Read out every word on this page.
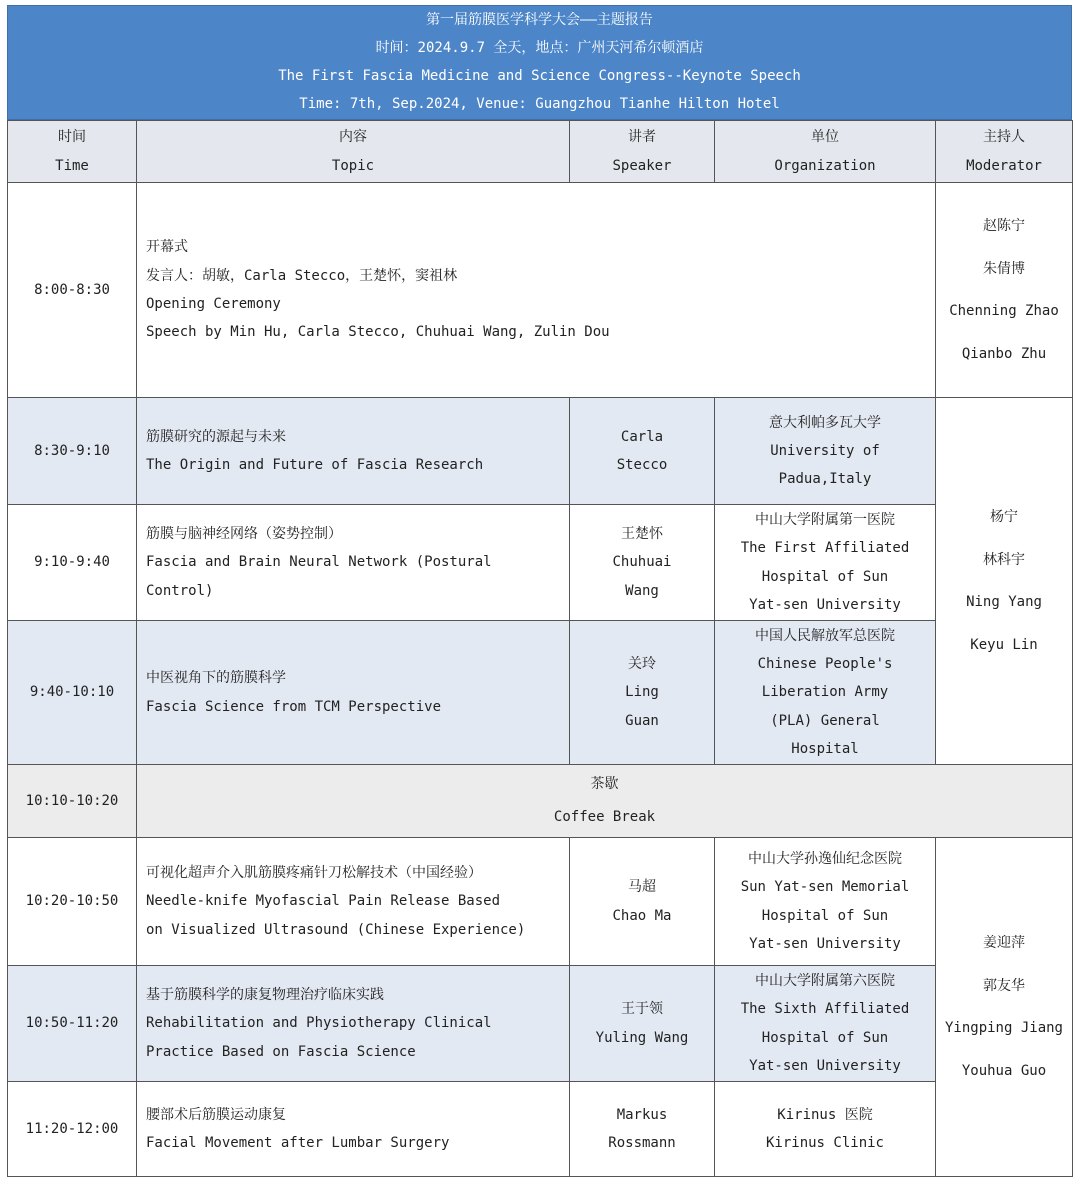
第一届筋膜医学科学大会——主题报告
时间：2024.9.7 全天，地点：广州天河希尔顿酒店
The First Fascia Medicine and Science Congress--Keynote Speech
Time: 7th, Sep.2024, Venue: Guangzhou Tianhe Hilton Hotel
时间
Time	内容
Topic	讲者
Speaker	单位
Organization	主持人
Moderator
8:00-8:30	开幕式
发言人：胡敏，Carla Stecco，王楚怀，窦祖林
Opening Ceremony
Speech by Min Hu, Carla Stecco, Chuhuai Wang, Zulin Dou			赵陈宁
朱倩博
Chenning Zhao
Qianbo Zhu

8:30-9:10	筋膜研究的源起与未来
The Origin and Future of Fascia Research	Carla
Stecco	意大利帕多瓦大学
University of
Padua,Italy	杨宁
林科宇
Ning Yang
Keyu Lin

9:10-9:40	筋膜与脑神经网络（姿势控制）
Fascia and Brain Neural Network (Postural
Control)	王楚怀
Chuhuai
Wang	中山大学附属第一医院
The First Affiliated
Hospital of Sun
Yat-sen University	
9:40-10:10	中医视角下的筋膜科学
Fascia Science from TCM Perspective	关玲
Ling
Guan	中国人民解放军总医院
Chinese People's
Liberation Army
(PLA) General
Hospital	
10:10-10:20	茶歇
Coffee Break			

10:20-10:50	可视化超声介入肌筋膜疼痛针刀松解技术（中国经验）
Needle-knife Myofascial Pain Release Based
on Visualized Ultrasound (Chinese Experience)	马超
Chao Ma	中山大学孙逸仙纪念医院
Sun Yat-sen Memorial
Hospital of Sun
Yat-sen University	姜迎萍
郭友华
Yingping Jiang
Youhua Guo

10:50-11:20	基于筋膜科学的康复物理治疗临床实践
Rehabilitation and Physiotherapy Clinical
Practice Based on Fascia Science	王于领
Yuling Wang	中山大学附属第六医院
The Sixth Affiliated
Hospital of Sun
Yat-sen University	
11:20-12:00	腰部术后筋膜运动康复
Facial Movement after Lumbar Surgery	Markus
Rossmann	Kirinus 医院
Kirinus Clinic	
